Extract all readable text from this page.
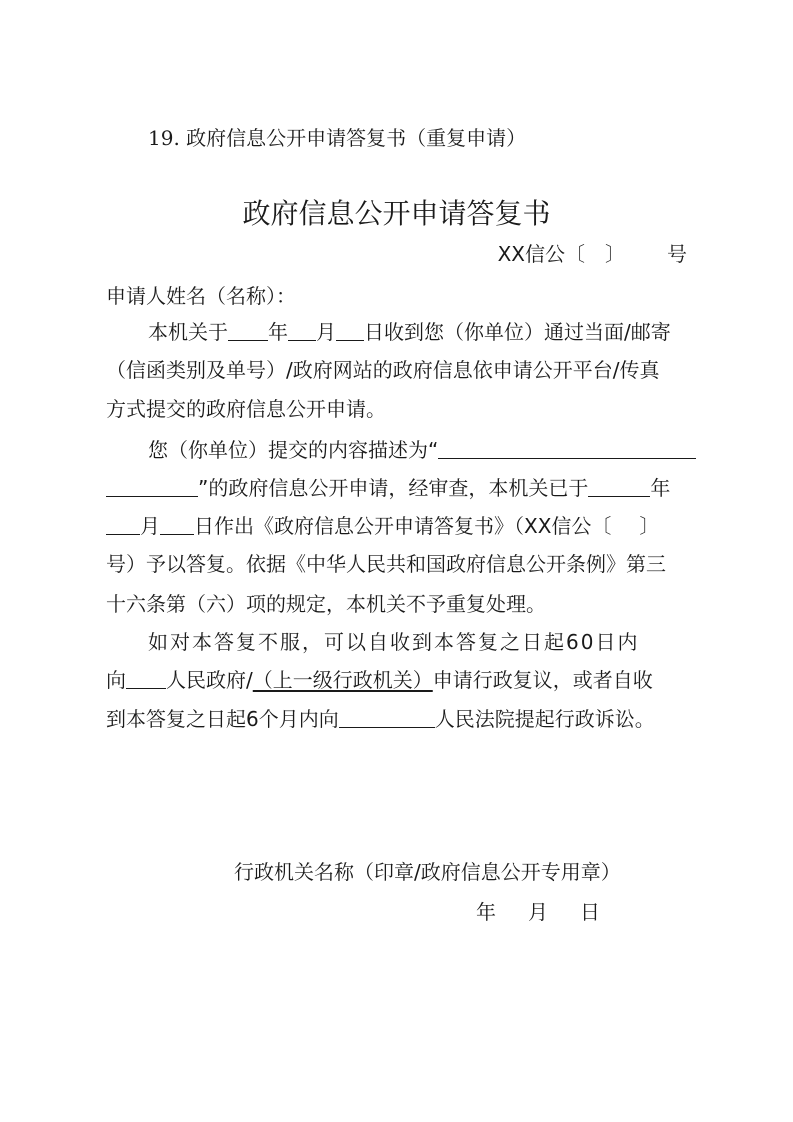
19. 政府信息公开申请答复书（重复申请）
政府信息公开申请答复书
XX信公〔 〕 号
申请人姓名（名称）：
本机关于 年 月 日收到您（你单位）通过当面/邮寄
（信函类别及单号）/政府网站的政府信息依申请公开平台/传真
方式提交的政府信息公开申请。
您（你单位）提交的内容描述为“
”的政府信息公开申请，经审查，本机关已于	年
月 日作出《政府信息公开申请答复书》（XX信公〔 〕
号）予以答复。依据《中华人民共和国政府信息公开条例》第三
十六条第（六）项的规定，本机关不予重复处理。
如对本答复不服，可以自收到本答复之日起60日内
向 人民政府/（上一级行政机关）申请行政复议，或者自收
到本答复之日起6个月内向	人民法院提起行政诉讼。
行政机关名称（印章/政府信息公开专用章）
年 月 日
